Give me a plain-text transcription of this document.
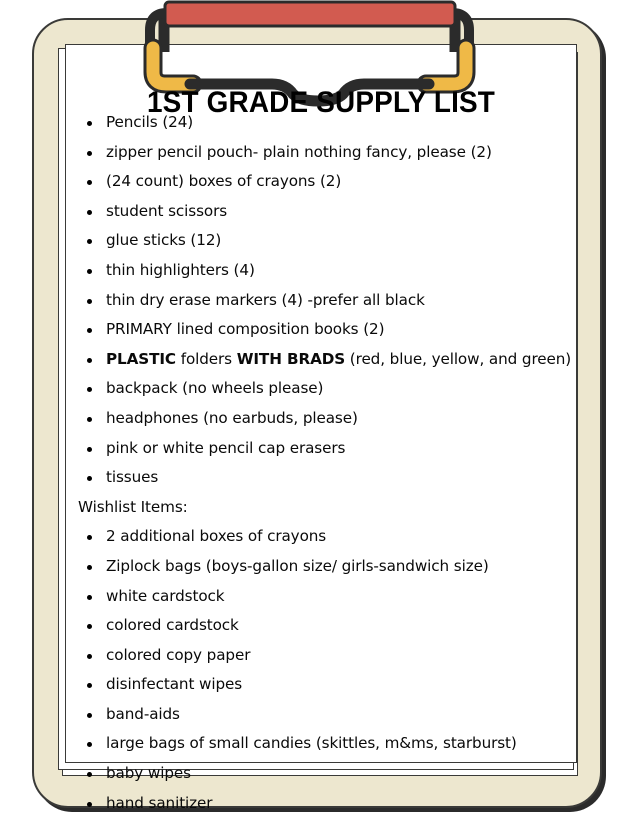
1ST GRADE SUPPLY LIST
Pencils (24)
zipper pencil pouch- plain nothing fancy, please (2)
(24 count) boxes of crayons (2)
student scissors
glue sticks (12)
thin highlighters (4)
thin dry erase markers (4) -prefer all black
PRIMARY lined composition books (2)
PLASTIC folders WITH BRADS (red, blue, yellow, and green)
backpack (no wheels please)
headphones (no earbuds, please)
pink or white pencil cap erasers
tissues
Wishlist Items:
2 additional boxes of crayons
Ziplock bags (boys-gallon size/ girls-sandwich size)
white cardstock
colored cardstock
colored copy paper
disinfectant wipes
band-aids
large bags of small candies (skittles, m&ms, starburst)
baby wipes
hand sanitizer
